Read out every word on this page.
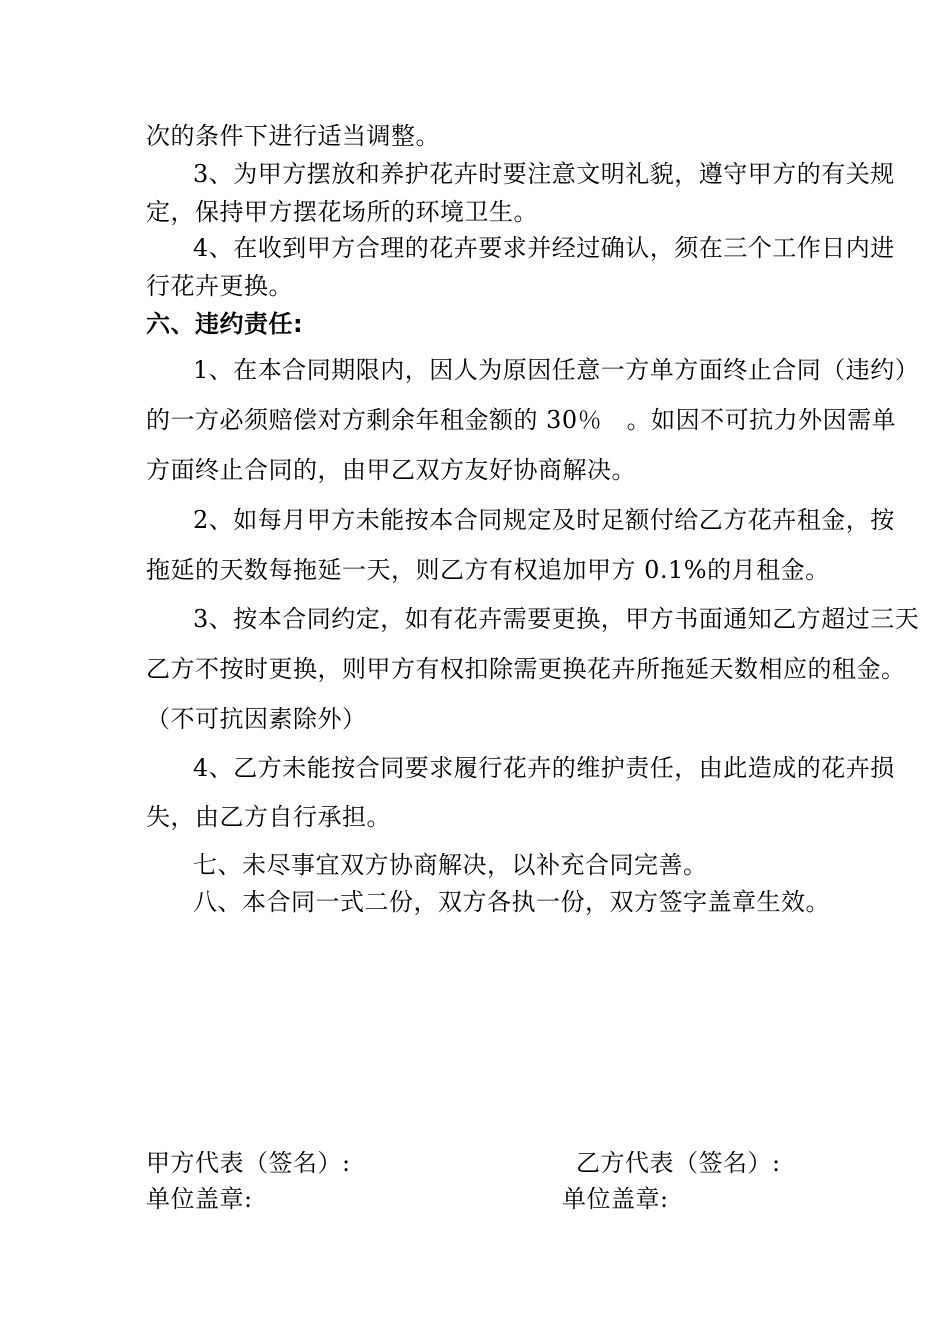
次的条件下进行适当调整。
3、为甲方摆放和养护花卉时要注意文明礼貌，遵守甲方的有关规
定，保持甲方摆花场所的环境卫生。
4、在收到甲方合理的花卉要求并经过确认，须在三个工作日内进
行花卉更换。
六、违约责任:
1、在本合同期限内，因人为原因任意一方单方面终止合同（违约）
的一方必须赔偿对方剩余年租金额的 30％　。如因不可抗力外因需单
方面终止合同的，由甲乙双方友好协商解决。
2、如每月甲方未能按本合同规定及时足额付给乙方花卉租金，按
拖延的天数每拖延一天，则乙方有权追加甲方 0.1%的月租金。
3、按本合同约定，如有花卉需要更换，甲方书面通知乙方超过三天
乙方不按时更换，则甲方有权扣除需更换花卉所拖延天数相应的租金。
（不可抗因素除外）
4、乙方未能按合同要求履行花卉的维护责任，由此造成的花卉损
失，由乙方自行承担。
七、未尽事宜双方协商解决，以补充合同完善。
八、本合同一式二份，双方各执一份，双方签字盖章生效。
甲方代表（签名）:	乙方代表（签名）:
单位盖章:	单位盖章:
